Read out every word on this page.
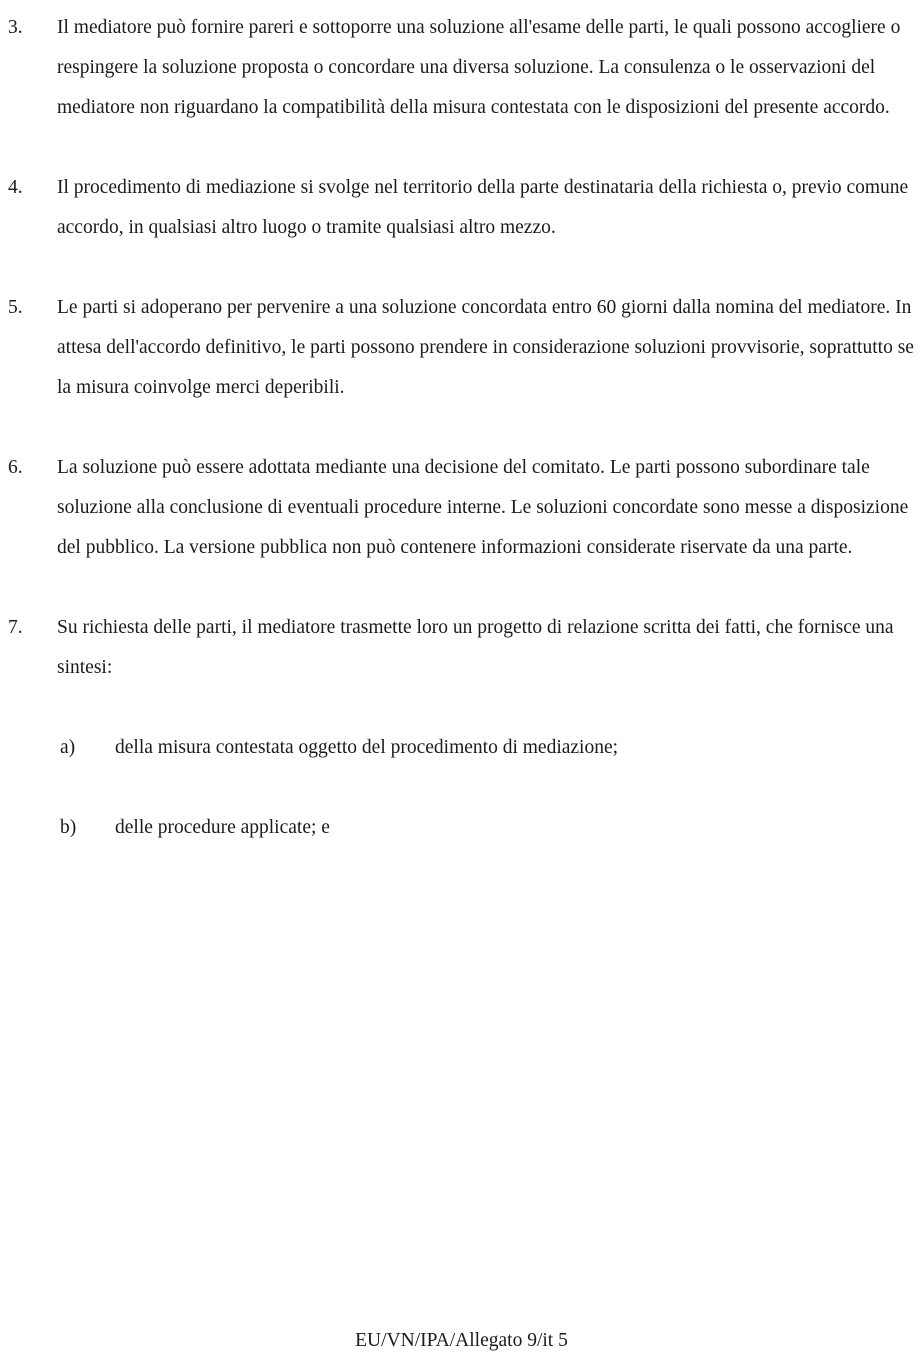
3.	Il mediatore può fornire pareri e sottoporre una soluzione all'esame delle parti, le quali possono accogliere o respingere la soluzione proposta o concordare una diversa soluzione. La consulenza o le osservazioni del mediatore non riguardano la compatibilità della misura contestata con le disposizioni del presente accordo.
4.	Il procedimento di mediazione si svolge nel territorio della parte destinataria della richiesta o, previo comune accordo, in qualsiasi altro luogo o tramite qualsiasi altro mezzo.
5.	Le parti si adoperano per pervenire a una soluzione concordata entro 60 giorni dalla nomina del mediatore. In attesa dell'accordo definitivo, le parti possono prendere in considerazione soluzioni provvisorie, soprattutto se la misura coinvolge merci deperibili.
6.	La soluzione può essere adottata mediante una decisione del comitato. Le parti possono subordinare tale soluzione alla conclusione di eventuali procedure interne. Le soluzioni concordate sono messe a disposizione del pubblico. La versione pubblica non può contenere informazioni considerate riservate da una parte.
7.	Su richiesta delle parti, il mediatore trasmette loro un progetto di relazione scritta dei fatti, che fornisce una sintesi:
a)	della misura contestata oggetto del procedimento di mediazione;
b)	delle procedure applicate; e
EU/VN/IPA/Allegato 9/it 5
